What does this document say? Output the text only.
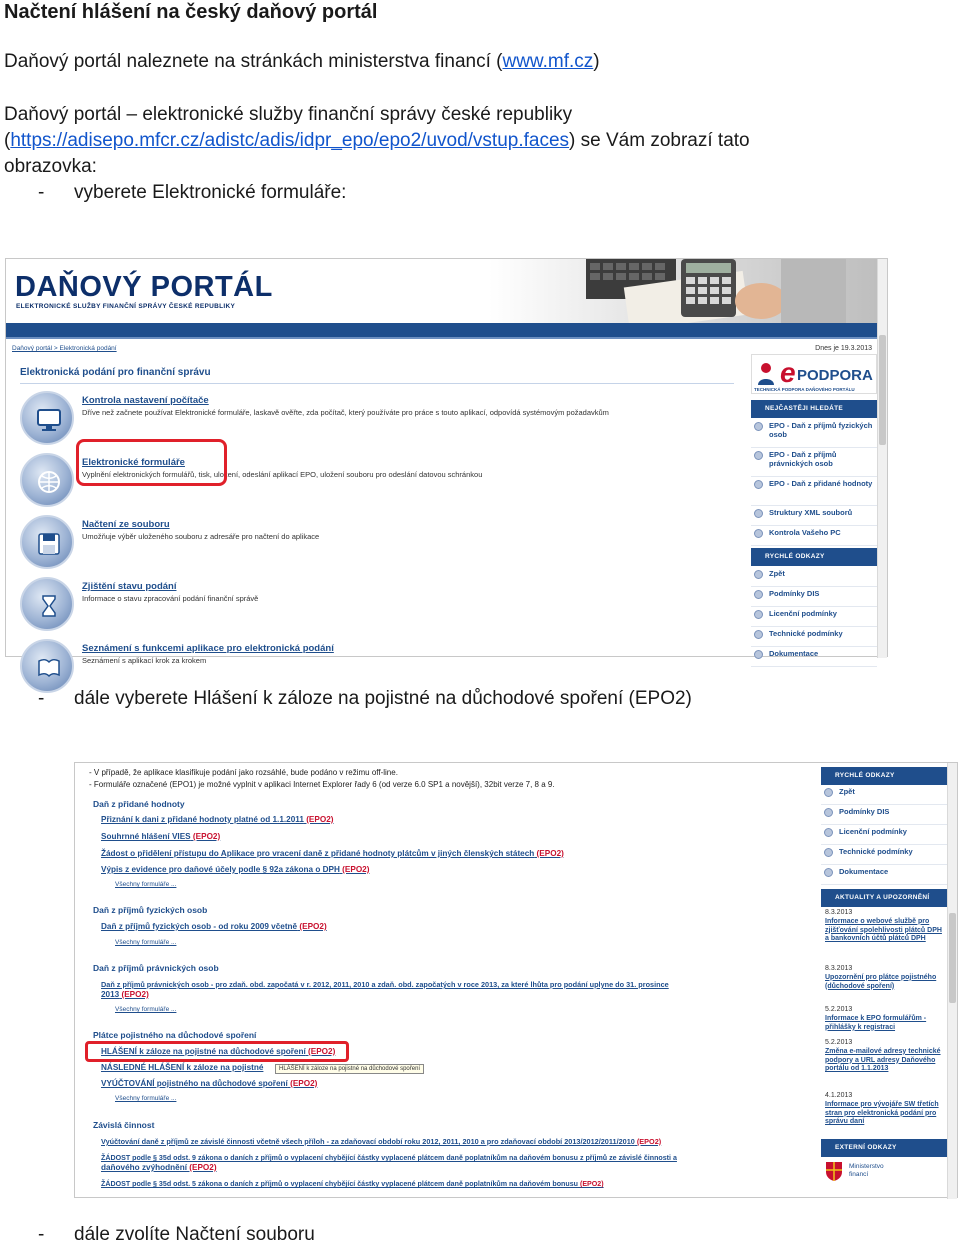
Načtení hlášení na český daňový portál
Daňový portál naleznete na stránkách ministerstva financí (www.mf.cz)
Daňový portál – elektronické služby finanční správy české republiky
(https://adisepo.mfcr.cz/adistc/adis/idpr_epo/epo2/uvod/vstup.faces) se Vám zobrazí tato
obrazovka:
- vyberete Elektronické formuláře:
DAŇOVÝ PORTÁL
ELEKTRONICKÉ SLUŽBY FINANČNÍ SPRÁVY ČESKÉ REPUBLIKY
Daňový portál > Elektronická podání	Dnes je 19.3.2013
Elektronická podání pro finanční správu
Kontrola nastavení počítače
Dříve než začnete používat Elektronické formuláře, laskavě ověřte, zda počítač, který používáte pro práce s touto aplikací, odpovídá systémovým požadavkům
Elektronické formuláře
Vyplnění elektronických formulářů, tisk, uložení, odeslání aplikací EPO, uložení souboru pro odeslání datovou schránkou
Načtení ze souboru
Umožňuje výběr uloženého souboru z adresáře pro načtení do aplikace
Zjištění stavu podání
Informace o stavu zpracování podání finanční správě
Seznámení s funkcemi aplikace pro elektronická podání
Seznámení s aplikací krok za krokem
e PODPORA
TECHNICKÁ PODPORA DAŇOVÉHO PORTÁLU
NEJČASTĚJI HLEDÁTE
EPO - Daň z příjmů fyzických osob
EPO - Daň z příjmů právnických osob
EPO - Daň z přidané hodnoty
Struktury XML souborů
Kontrola Vašeho PC
RYCHLÉ ODKAZY
Zpět
Podmínky DIS
Licenční podmínky
Technické podmínky
Dokumentace
- dále vyberete Hlášení k záloze na pojistné na důchodové spoření (EPO2)
- V případě, že aplikace klasifikuje podání jako rozsáhlé, bude podáno v režimu off-line.
- Formuláře označené (EPO1) je možné vyplnit v aplikaci Internet Explorer řady 6 (od verze 6.0 SP1 a novější), 32bit verze 7, 8 a 9.
Daň z přidané hodnoty
Přiznání k dani z přidané hodnoty platné od 1.1.2011 (EPO2)
Souhrnné hlášení VIES (EPO2)
Žádost o přidělení přístupu do Aplikace pro vracení daně z přidané hodnoty plátcům v jiných členských státech (EPO2)
Výpis z evidence pro daňové účely podle § 92a zákona o DPH (EPO2)
Všechny formuláře ...
Daň z příjmů fyzických osob
Daň z příjmů fyzických osob - od roku 2009 včetně (EPO2)
Všechny formuláře ...
Daň z příjmů právnických osob
Daň z příjmů právnických osob - pro zdaň. obd. započatá v r. 2012, 2011, 2010 a zdaň. obd. započatých v roce 2013, za které lhůta pro podání uplyne do 31. prosince
2013 (EPO2)
Všechny formuláře ...
Plátce pojistného na důchodové spoření
HLÁŠENÍ k záloze na pojistné na důchodové spoření (EPO2)
NÁSLEDNÉ HLÁŠENÍ k záloze na pojistné	HLÁŠENÍ k záloze na pojistné na důchodové spoření
VYÚČTOVÁNÍ pojistného na důchodové spoření (EPO2)
Všechny formuláře ...
Závislá činnost
Vyúčtování daně z příjmů ze závislé činnosti včetně všech příloh - za zdaňovací období roku 2012, 2011, 2010 a pro zdaňovací období 2013/2012/2011/2010 (EPO2)
ŽÁDOST podle § 35d odst. 9 zákona o daních z příjmů o vyplacení chybějící částky vyplacené plátcem daně poplatníkům na daňovém bonusu z příjmů ze závislé činnosti a
daňového zvýhodnění (EPO2)
ŽÁDOST podle § 35d odst. 5 zákona o daních z příjmů o vyplacení chybějící částky vyplacené plátcem daně poplatníkům na daňovém bonusu (EPO2)
RYCHLÉ ODKAZY
Zpět
Podmínky DIS
Licenční podmínky
Technické podmínky
Dokumentace
AKTUALITY A UPOZORNĚNÍ
8.3.2013
Informace o webové službě pro zjišťování spolehlivosti plátců DPH a bankovních účtů plátců DPH
8.3.2013
Upozornění pro plátce pojistného (důchodové spoření)
5.2.2013
Informace k EPO formulářům - přihlášky k registraci
5.2.2013
Změna e-mailové adresy technické podpory a URL adresy Daňového portálu od 1.1.2013
4.1.2013
Informace pro vývojáře SW třetích stran pro elektronická podání pro správu daní
EXTERNÍ ODKAZY
Ministerstvo financí
- dále zvolíte Načtení souboru
